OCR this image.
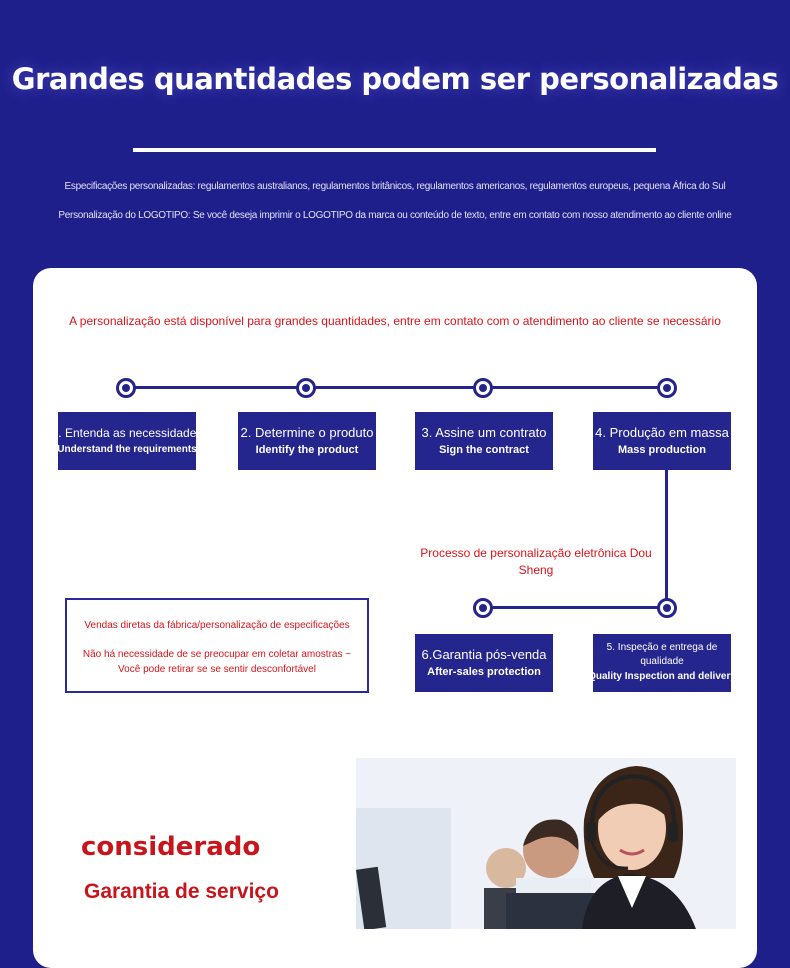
Grandes quantidades podem ser personalizadas
Especificações personalizadas: regulamentos australianos, regulamentos britânicos, regulamentos americanos, regulamentos europeus, pequena África do Sul
Personalização do LOGOTIPO: Se você deseja imprimir o LOGOTIPO da marca ou conteúdo de texto, entre em contato com nosso atendimento ao cliente online
A personalização está disponível para grandes quantidades, entre em contato com o atendimento ao cliente se necessário
1. Entenda as necessidades
Understand the requirements
2. Determine o produto
Identify the product
3. Assine um contrato
Sign the contract
4. Produção em massa
Mass production
Processo de personalização eletrônica Dou Sheng
Vendas diretas da fábrica/personalização de especificações
Não há necessidade de se preocupar em coletar amostras ~ Você pode retirar se se sentir desconfortável
6.Garantia pós-venda
After-sales protection
5. Inspeção e entrega de qualidade
Quality Inspection and delivery
considerado
Garantia de serviço
